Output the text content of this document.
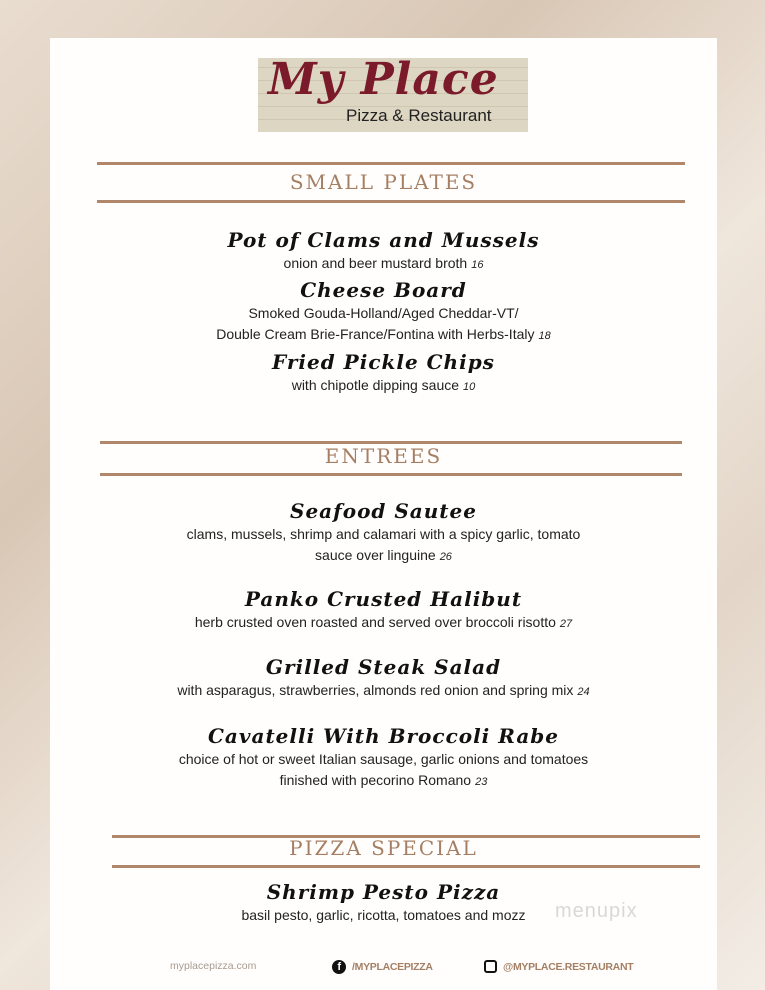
My Place
Pizza & Restaurant
SMALL PLATES
Pot of Clams and Mussels
onion and beer mustard broth 16
Cheese Board
Smoked Gouda-Holland/Aged Cheddar-VT/
Double Cream Brie-France/Fontina with Herbs-Italy 18
Fried Pickle Chips
with chipotle dipping sauce 10
ENTREES
Seafood Sautee
clams, mussels, shrimp and calamari with a spicy garlic, tomato
sauce over linguine 26
Panko Crusted Halibut
herb crusted oven roasted and served over broccoli risotto 27
Grilled Steak Salad
with asparagus, strawberries, almonds red onion and spring mix 24
Cavatelli With Broccoli Rabe
choice of hot or sweet Italian sausage, garlic onions and tomatoes
finished with pecorino Romano 23
PIZZA SPECIAL
Shrimp Pesto Pizza
basil pesto, garlic, ricotta, tomatoes and mozz	menupix
myplacepizza.com	f	/MYPLACEPIZZA	@MYPLACE.RESTAURANT
